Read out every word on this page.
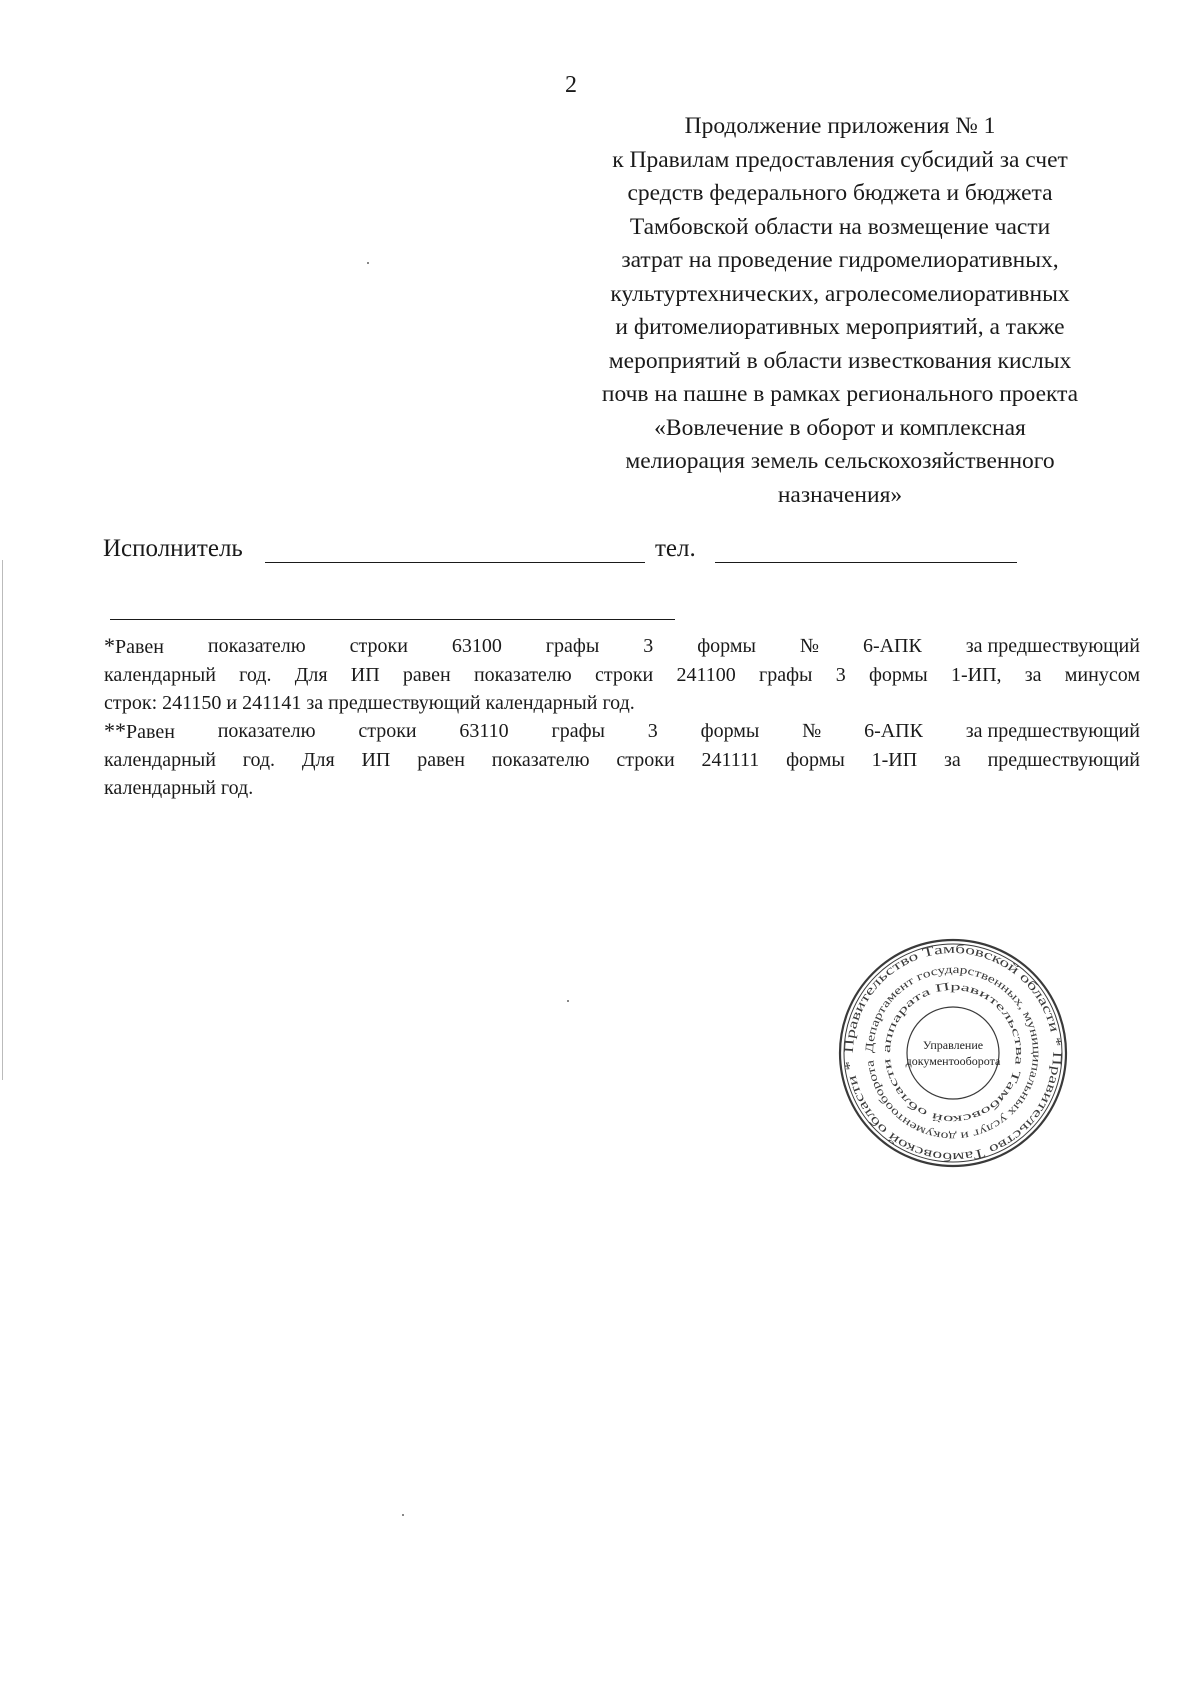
2
Продолжение приложения № 1
к Правилам предоставления субсидий за счет
средств федерального бюджета и бюджета
Тамбовской области на возмещение части
затрат на проведение гидромелиоративных,
культуртехнических, агролесомелиоративных
и фитомелиоративных мероприятий, а также
мероприятий в области известкования кислых
почв на пашне в рамках регионального проекта
«Вовлечение в оборот и комплексная
мелиорация земель сельскохозяйственного
назначения»
Исполнитель	тел.
*Равен показателю строки 63100 графы 3 формы № 6-АПК за предшествующий
календарный год. Для ИП равен показателю строки 241100 графы 3 формы 1-ИП, за минусом
строк: 241150 и 241141 за предшествующий календарный год.
**Равен показателю строки 63110 графы 3 формы № 6-АПК за предшествующий
календарный год. Для ИП равен показателю строки 241111 формы 1-ИП за предшествующий
календарный год.
Правительство Тамбовской области * Правительство Тамбовской области *
Департамент государственных, муниципальных услуг и документооборота
аппарата Правительства Тамбовской области
Управление
документооборота
